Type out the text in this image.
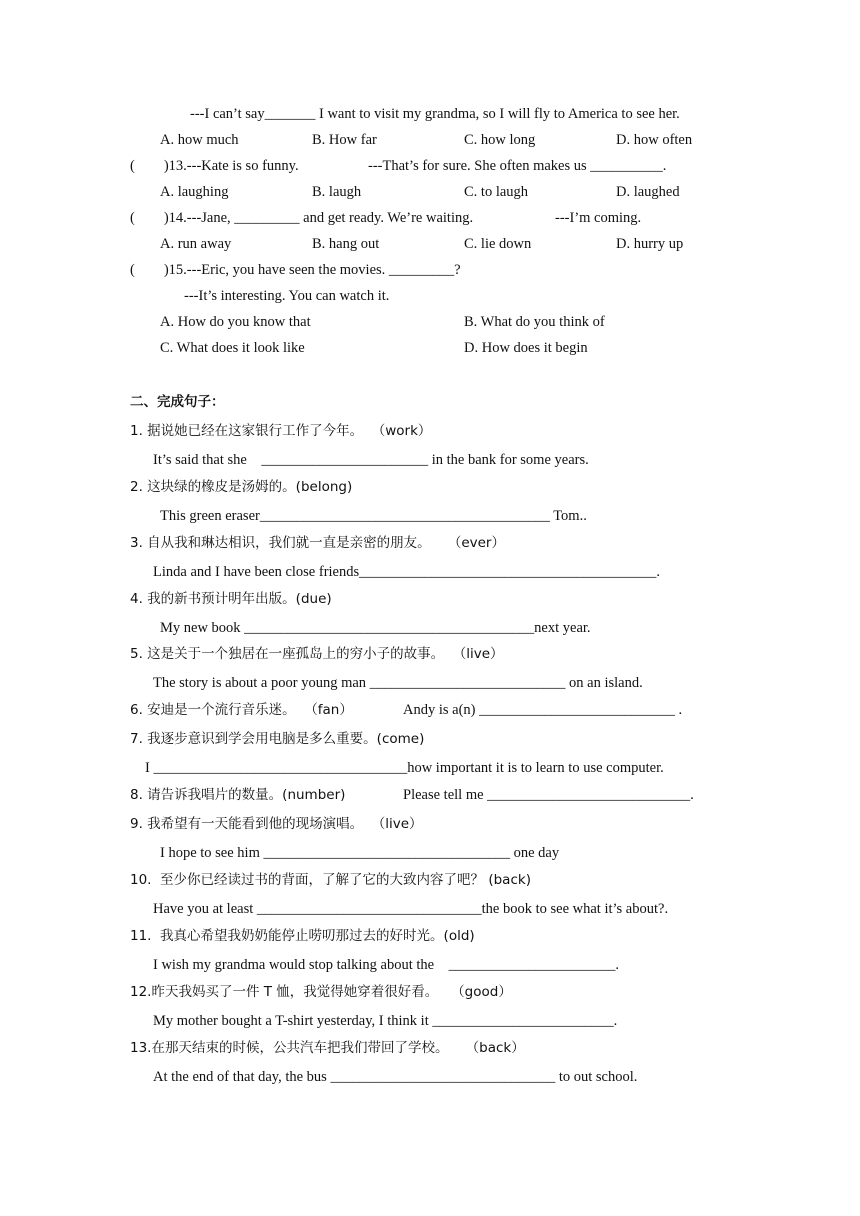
---I can’t say_______ I want to visit my grandma, so I will fly to America to see her.
A. how much	B. How far	C. how long	D. how often
(        )13.---Kate is so funny.	---That’s for sure. She often makes us __________.
A. laughing	B. laugh	C. to laugh	D. laughed
(        )14.---Jane, _________ and get ready. We’re waiting.	---I’m coming.
A. run away	B. hang out	C. lie down	D. hurry up
(        )15.---Eric, you have seen the movies. _________?
---It’s interesting. You can watch it.
A. How do you know that	B. What do you think of
C. What does it look like	D. How does it begin
二、完成句子：
1. 据说她已经在这家银行工作了今年。  （work）
It’s said that she    _______________________ in the bank for some years.
2. 这块绿的橡皮是汤姆的。(belong)
This green eraser________________________________________ Tom..
3. 自从我和琳达相识，我们就一直是亲密的朋友。    （ever）
Linda and I have been close friends_________________________________________.
4. 我的新书预计明年出版。(due)
My new book ________________________________________next year.
5. 这是关于一个独居在一座孤岛上的穷小子的故事。  （live）
The story is about a poor young man ___________________________ on an island.
6. 安迪是一个流行音乐迷。  （fan）	Andy is a(n) ___________________________ .
7. 我逐步意识到学会用电脑是多么重要。(come)
I ___________________________________how important it is to learn to use computer.
8. 请告诉我唱片的数量。(number)	Please tell me ____________________________.
9. 我希望有一天能看到他的现场演唱。  （live）
I hope to see him __________________________________ one day
10.  至少你已经读过书的背面，了解了它的大致内容了吧？ (back)
Have you at least _______________________________the book to see what it’s about?.
11.  我真心希望我奶奶能停止唠叨那过去的好时光。(old)
I wish my grandma would stop talking about the    _______________________.
12.昨天我妈买了一件 T 恤，我觉得她穿着很好看。   （good）
My mother bought a T-shirt yesterday, I think it _________________________.
13.在那天结束的时候，公共汽车把我们带回了学校。    （back）
At the end of that day, the bus _______________________________ to out school.
